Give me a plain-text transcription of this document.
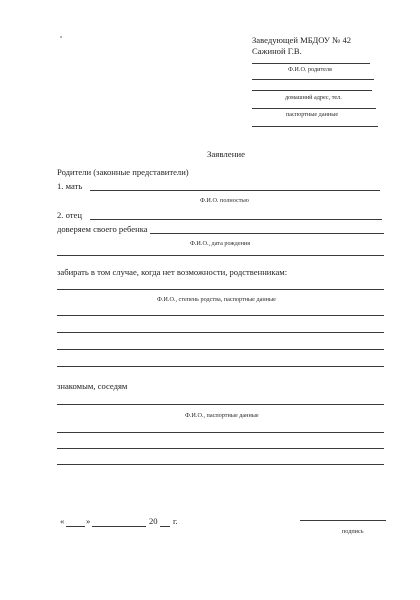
Заведующей МБДОУ № 42
Сажиной Г.В.
Ф.И.О. родителя
домашний адрес, тел.
паспортные данные
Заявление
Родители (законные представители)
1. мать
Ф.И.О. полностью
2. отец
доверяем своего ребенка
Ф.И.О., дата рождения
забирать в том случае, когда нет возможности, родственникам:
Ф.И.О., степень родства, паспортные данные
знакомым, соседям
Ф.И.О., паспортные данные
«	»	20 г.
подпись
